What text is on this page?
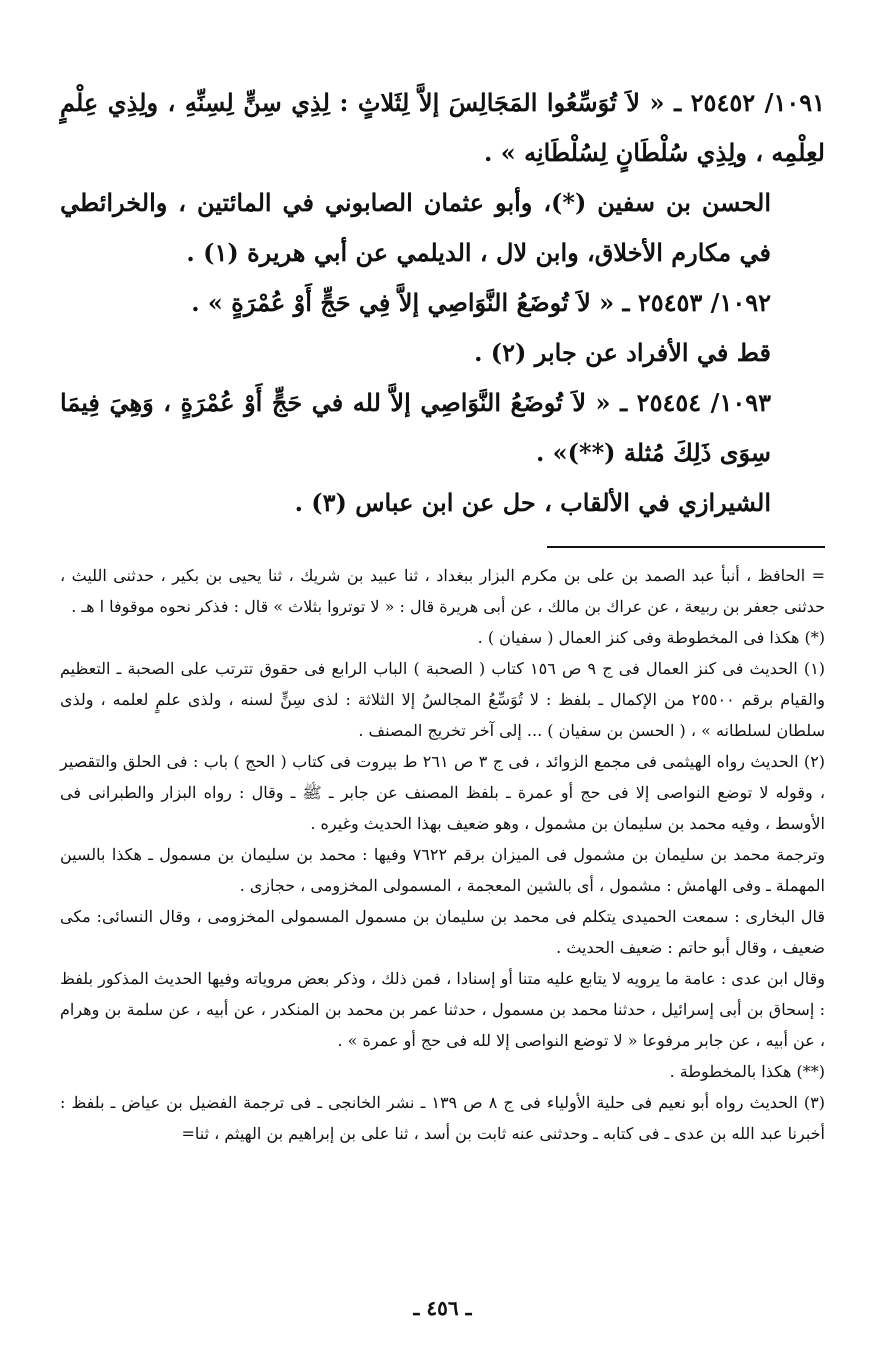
١٠٩١/ ٢٥٤٥٢ ـ « لاَ تُوَسِّعُوا المَجَالِسَ إلاَّ لِثَلاثٍ : لِذِي سِنٍّ لِسِنِّهِ ، ولِذِي عِلْمٍ لعِلْمِه ، ولِذِي سُلْطَانٍ لِسُلْطَانِه » .

الحسن بن سفين (*)، وأبو عثمان الصابوني في المائتين ، والخرائطي في مكارم الأخلاق، وابن لال ، الديلمي عن أبي هريرة (١) .

١٠٩٢/ ٢٥٤٥٣ ـ « لاَ تُوضَعُ النَّوَاصِي إلاَّ فِي حَجٍّ أَوْ عُمْرَةٍ » .

قط في الأفراد عن جابر (٢) .

١٠٩٣/ ٢٥٤٥٤ ـ « لاَ تُوضَعُ النَّوَاصِي إلاَّ لله في حَجٍّ أَوْ عُمْرَةٍ ، وَهِيَ فِيمَا سِوَى ذَلِكَ مُثلة (**)» .

الشيرازي في الألقاب ، حل عن ابن عباس (٣) .

= الحافظ ، أنبأ عبد الصمد بن على بن مكرم البزار ببغداد ، ثنا عبيد بن شريك ، ثنا يحيى بن بكير ، حدثنى الليث ، حدثنى جعفر بن ربيعة ، عن عراك بن مالك ، عن أبى هريرة قال : « لا توتروا بثلاث » قال : فذكر نحوه موقوفا ا هـ .

(*) هكذا فى المخطوطة وفى كنز العمال ( سفيان ) .

(١) الحديث فى كنز العمال فى ج ٩ ص ١٥٦ كتاب ( الصحبة ) الباب الرابع فى حقوق تترتب على الصحبة ـ التعظيم والقيام برقم ٢٥٥٠٠ من الإكمال ـ بلفظ : لا تُوَسِّعُ المجالسُ إلا الثلاثة : لذى سِنٍّ لسنه ، ولذى علمٍ لعلمه ، ولذى سلطان لسلطانه » ، ( الحسن بن سفيان ) ... إلى آخر تخريج المصنف .

(٢) الحديث رواه الهيثمى فى مجمع الزوائد ، فى ج ٣ ص ٢٦١ ط بيروت فى كتاب ( الحج ) باب : فى الحلق والتقصير ، وقوله لا توضع النواصى إلا فى حج أو عمرة ـ بلفظ المصنف عن جابر ـ ﷺ ـ وقال : رواه البزار والطبرانى فى الأوسط ، وفيه محمد بن سليمان بن مشمول ، وهو ضعيف بهذا الحديث وغيره .

وترجمة محمد بن سليمان بن مشمول فى الميزان برقم ٧٦٢٢ وفيها : محمد بن سليمان بن مسمول ـ هكذا بالسين المهملة ـ وفى الهامش : مشمول ، أى بالشين المعجمة ، المسمولى المخزومى ، حجازى .

قال البخارى : سمعت الحميدى يتكلم فى محمد بن سليمان بن مسمول المسمولى المخزومى ، وقال النسائى: مكى ضعيف ، وقال أبو حاتم : ضعيف الحديث .

وقال ابن عدى : عامة ما يرويه لا يتابع عليه متنا أو إسنادا ، فمن ذلك ، وذكر بعض مروياته وفيها الحديث المذكور بلفظ : إسحاق بن أبى إسرائيل ، حدثنا محمد بن مسمول ، حدثنا عمر بن محمد بن المنكدر ، عن أبيه ، عن سلمة بن وهرام ، عن أبيه ، عن جابر مرفوعا « لا توضع النواصى إلا لله فى حج أو عمرة » .

(**) هكذا بالمخطوطة .

(٣) الحديث رواه أبو نعيم فى حلية الأولياء فى ج ٨ ص ١٣٩ ـ نشر الخانجى ـ فى ترجمة الفضيل بن عياض ـ بلفظ : أخبرنا عبد الله بن عدى ـ فى كتابه ـ وحدثنى عنه ثابت بن أسد ، ثنا على بن إبراهيم بن الهيثم ، ثنا=

ـ ٤٥٦ ـ
